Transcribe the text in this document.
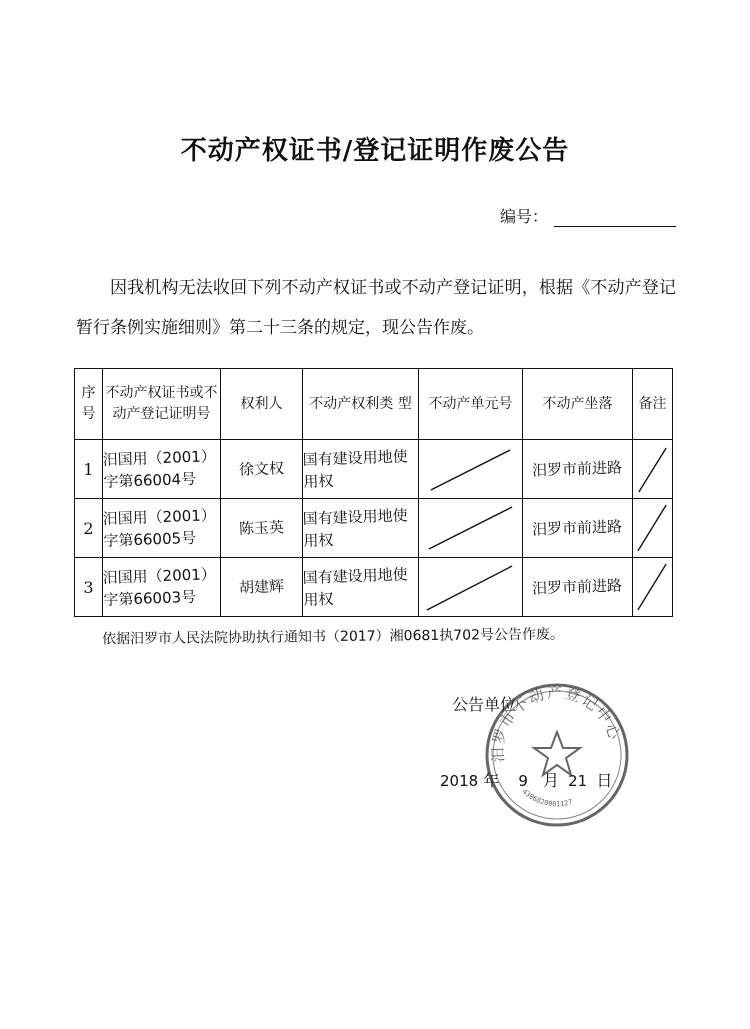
不动产权证书/登记证明作废公告
编号：
因我机构无法收回下列不动产权证书或不动产登记证明，根据《不动产登记暂行条例实施细则》第二十三条的规定，现公告作废。
序号	不动产权证书或不动产登记证明号	权利人	不动产权利类 型	不动产单元号	不动产坐落	备注
1	汨国用（2001）字第66004号	徐文权	国有建设用地使用权		汨罗市前进路	

2	汨国用（2001）字第66005号	陈玉英	国有建设用地使用权		汨罗市前进路	

3	汨国用（2001）字第66003号	胡建辉	国有建设用地使用权		汨罗市前进路	
依据汨罗市人民法院协助执行通知书（2017）湘0681执702号公告作废。
公告单位
2018 年 9 月 21 日
汨罗市不动产登记中心
4306820001127
